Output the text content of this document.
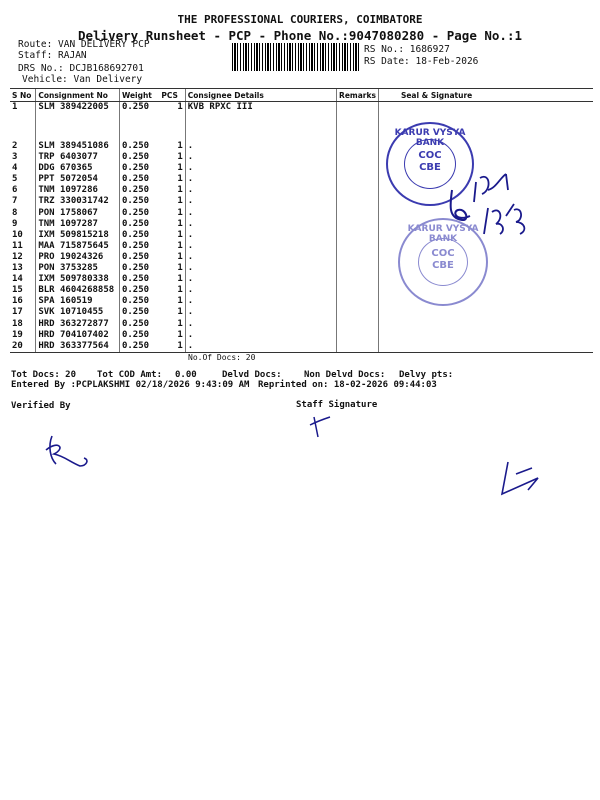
THE PROFESSIONAL COURIERS, COIMBATORE
Delivery Runsheet - PCP - Phone No.:9047080280 - Page No.:1
Route: VAN DELIVERY PCP
Staff: RAJAN
DRS No.: DCJB168692701
Vehicle: Van Delivery
RS No.: 1686927
RS Date: 18-Feb-2026
S No	Consignment No	Weight	PCS	Consignee Details	Remarks	Seal & Signature
1	SLM 389422005	0.250	1	KVB RPXC III		
2	SLM 389451086	0.250	1	.		
3	TRP 6403077	0.250	1	.		
4	DDG 670365	0.250	1	.		
5	PPT 5072054	0.250	1	.		
6	TNM 1097286	0.250	1	.		
7	TRZ 330031742	0.250	1	.		
8	PON 1758067	0.250	1	.		
9	TNM 1097287	0.250	1	.		
10	IXM 509815218	0.250	1	.		
11	MAA 715875645	0.250	1	.		
12	PRO 19024326	0.250	1	.		
13	PON 3753285	0.250	1	.		
14	IXM 509780338	0.250	1	.		
15	BLR 4604268858	0.250	1	.		
16	SPA 160519	0.250	1	.		
17	SVK 10710455	0.250	1	.		
18	HRD 363272877	0.250	1	.		
19	HRD 704107402	0.250	1	.		
20	HRD 363377564	0.250	1	.		
No.Of Docs: 20
Tot Docs: 20 Tot COD Amt: 0.00	Delvd Docs: Non Delvd Docs: Delvy pts:
Entered By :PCPLAKSHMI 02/18/2026 9:43:09 AM Reprinted on: 18-02-2026 09:44:03
Verified By	Staff Signature
KARUR VYSYA BANK
COC CBE
KARUR VYSYA BANK
COC CBE
